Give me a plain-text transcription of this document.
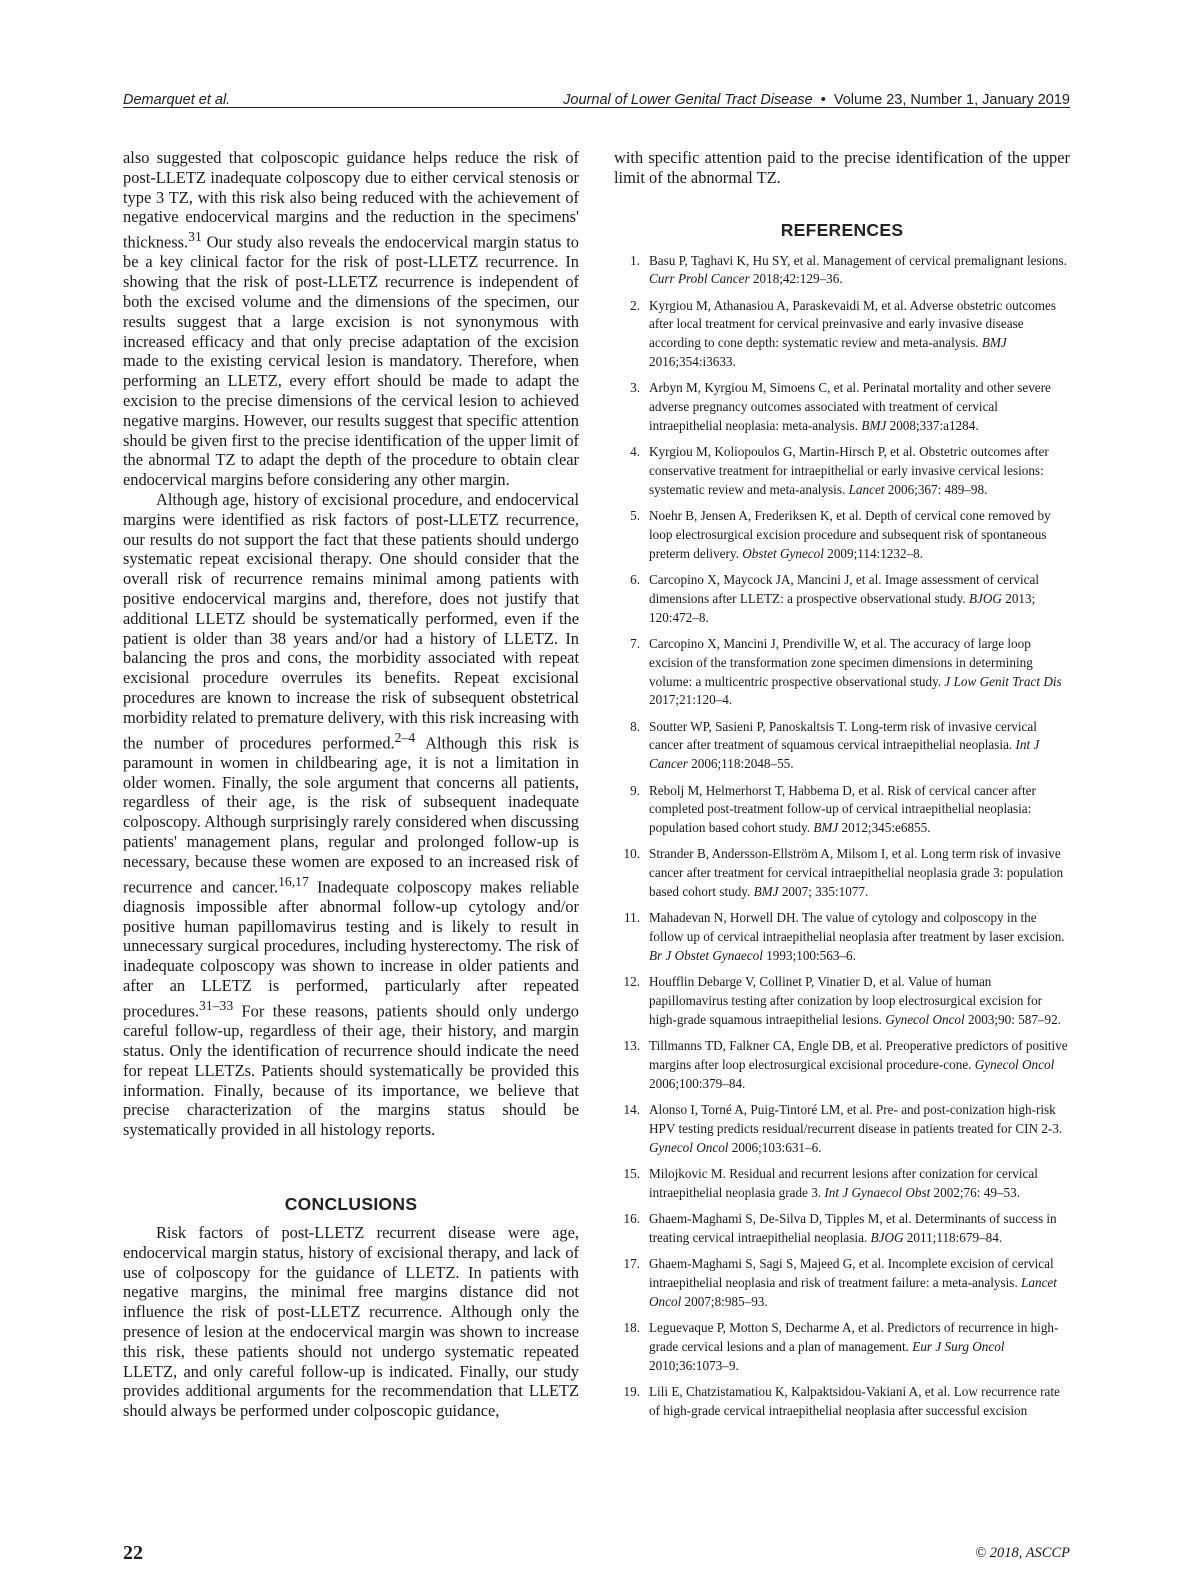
Demarquet et al.	Journal of Lower Genital Tract Disease • Volume 23, Number 1, January 2019

also suggested that colposcopic guidance helps reduce the risk of post-LLETZ inadequate colposcopy due to either cervical stenosis or type 3 TZ, with this risk also being reduced with the achievement of negative endocervical margins and the reduction in the specimens' thickness.$^{31}$ Our study also reveals the endocervical margin status to be a key clinical factor for the risk of post-LLETZ recurrence. In showing that the risk of post-LLETZ recurrence is independent of both the excised volume and the dimensions of the specimen, our results suggest that a large excision is not synonymous with increased efficacy and that only precise adaptation of the excision made to the existing cervical lesion is mandatory. Therefore, when performing an LLETZ, every effort should be made to adapt the excision to the precise dimensions of the cervical lesion to achieved negative margins. However, our results suggest that specific attention should be given first to the precise identification of the upper limit of the abnormal TZ to adapt the depth of the procedure to obtain clear endocervical margins before considering any other margin.

Although age, history of excisional procedure, and endocervical margins were identified as risk factors of post-LLETZ recurrence, our results do not support the fact that these patients should undergo systematic repeat excisional therapy. One should consider that the overall risk of recurrence remains minimal among patients with positive endocervical margins and, therefore, does not justify that additional LLETZ should be systematically performed, even if the patient is older than 38 years and/or had a history of LLETZ. In balancing the pros and cons, the morbidity associated with repeat excisional procedure overrules its benefits. Repeat excisional procedures are known to increase the risk of subsequent obstetrical morbidity related to premature delivery, with this risk increasing with the number of procedures performed.$^{2-4}$ Although this risk is paramount in women in childbearing age, it is not a limitation in older women. Finally, the sole argument that concerns all patients, regardless of their age, is the risk of subsequent inadequate colposcopy. Although surprisingly rarely considered when discussing patients' management plans, regular and prolonged follow-up is necessary, because these women are exposed to an increased risk of recurrence and cancer.$^{16,17}$ Inadequate colposcopy makes reliable diagnosis impossible after abnormal follow-up cytology and/or positive human papillomavirus testing and is likely to result in unnecessary surgical procedures, including hysterectomy. The risk of inadequate colposcopy was shown to increase in older patients and after an LLETZ is performed, particularly after repeated procedures.$^{31-33}$ For these reasons, patients should only undergo careful follow-up, regardless of their age, their history, and margin status. Only the identification of recurrence should indicate the need for repeat LLETZs. Patients should systematically be provided this information. Finally, because of its importance, we believe that precise characterization of the margins status should be systematically provided in all histology reports.

CONCLUSIONS

Risk factors of post-LLETZ recurrent disease were age, endocervical margin status, history of excisional therapy, and lack of use of colposcopy for the guidance of LLETZ. In patients with negative margins, the minimal free margins distance did not influence the risk of post-LLETZ recurrence. Although only the presence of lesion at the endocervical margin was shown to increase this risk, these patients should not undergo systematic repeated LLETZ, and only careful follow-up is indicated. Finally, our study provides additional arguments for the recommendation that LLETZ should always be performed under colposcopic guidance,

with specific attention paid to the precise identification of the upper limit of the abnormal TZ.

REFERENCES
1. Basu P, Taghavi K, Hu SY, et al. Management of cervical premalignant lesions. Curr Probl Cancer 2018;42:129–36.
2. Kyrgiou M, Athanasiou A, Paraskevaidi M, et al. Adverse obstetric outcomes after local treatment for cervical preinvasive and early invasive disease according to cone depth: systematic review and meta-analysis. BMJ 2016;354:i3633.
3. Arbyn M, Kyrgiou M, Simoens C, et al. Perinatal mortality and other severe adverse pregnancy outcomes associated with treatment of cervical intraepithelial neoplasia: meta-analysis. BMJ 2008;337:a1284.
4. Kyrgiou M, Koliopoulos G, Martin-Hirsch P, et al. Obstetric outcomes after conservative treatment for intraepithelial or early invasive cervical lesions: systematic review and meta-analysis. Lancet 2006;367: 489–98.
5. Noehr B, Jensen A, Frederiksen K, et al. Depth of cervical cone removed by loop electrosurgical excision procedure and subsequent risk of spontaneous preterm delivery. Obstet Gynecol 2009;114:1232–8.
6. Carcopino X, Maycock JA, Mancini J, et al. Image assessment of cervical dimensions after LLETZ: a prospective observational study. BJOG 2013; 120:472–8.
7. Carcopino X, Mancini J, Prendiville W, et al. The accuracy of large loop excision of the transformation zone specimen dimensions in determining volume: a multicentric prospective observational study. J Low Genit Tract Dis 2017;21:120–4.
8. Soutter WP, Sasieni P, Panoskaltsis T. Long-term risk of invasive cervical cancer after treatment of squamous cervical intraepithelial neoplasia. Int J Cancer 2006;118:2048–55.
9. Rebolj M, Helmerhorst T, Habbema D, et al. Risk of cervical cancer after completed post-treatment follow-up of cervical intraepithelial neoplasia: population based cohort study. BMJ 2012;345:e6855.
10. Strander B, Andersson-Ellström A, Milsom I, et al. Long term risk of invasive cancer after treatment for cervical intraepithelial neoplasia grade 3: population based cohort study. BMJ 2007; 335:1077.
11. Mahadevan N, Horwell DH. The value of cytology and colposcopy in the follow up of cervical intraepithelial neoplasia after treatment by laser excision. Br J Obstet Gynaecol 1993;100:563–6.
12. Houfflin Debarge V, Collinet P, Vinatier D, et al. Value of human papillomavirus testing after conization by loop electrosurgical excision for high-grade squamous intraepithelial lesions. Gynecol Oncol 2003;90: 587–92.
13. Tillmanns TD, Falkner CA, Engle DB, et al. Preoperative predictors of positive margins after loop electrosurgical excisional procedure-cone. Gynecol Oncol 2006;100:379–84.
14. Alonso I, Torné A, Puig-Tintoré LM, et al. Pre- and post-conization high-risk HPV testing predicts residual/recurrent disease in patients treated for CIN 2-3. Gynecol Oncol 2006;103:631–6.
15. Milojkovic M. Residual and recurrent lesions after conization for cervical intraepithelial neoplasia grade 3. Int J Gynaecol Obst 2002;76: 49–53.
16. Ghaem-Maghami S, De-Silva D, Tipples M, et al. Determinants of success in treating cervical intraepithelial neoplasia. BJOG 2011;118:679–84.
17. Ghaem-Maghami S, Sagi S, Majeed G, et al. Incomplete excision of cervical intraepithelial neoplasia and risk of treatment failure: a meta-analysis. Lancet Oncol 2007;8:985–93.
18. Leguevaque P, Motton S, Decharme A, et al. Predictors of recurrence in high-grade cervical lesions and a plan of management. Eur J Surg Oncol 2010;36:1073–9.
19. Lili E, Chatzistamatiou K, Kalpaktsidou-Vakiani A, et al. Low recurrence rate of high-grade cervical intraepithelial neoplasia after successful excision
22	© 2018, ASCCP
